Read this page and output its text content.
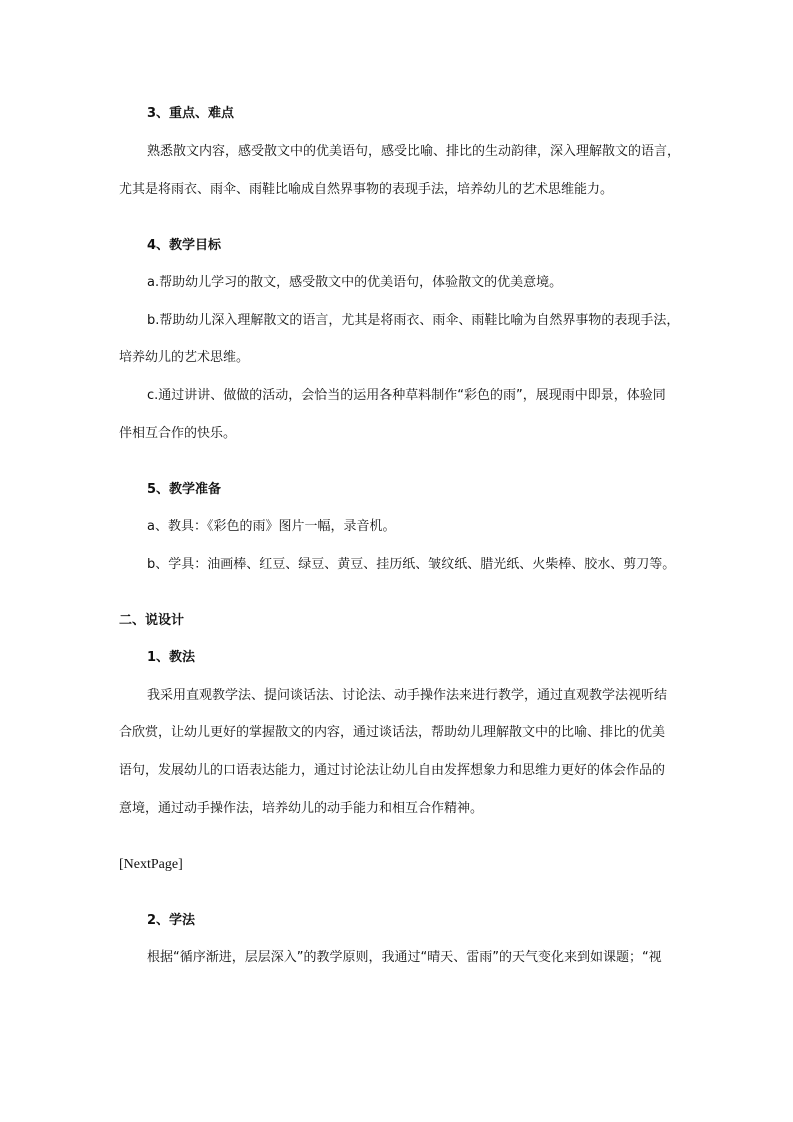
3、重点、难点
熟悉散文内容，感受散文中的优美语句，感受比喻、排比的生动韵律，深入理解散文的语言，
尤其是将雨衣、雨伞、雨鞋比喻成自然界事物的表现手法，培养幼儿的艺术思维能力。
4、教学目标
a.帮助幼儿学习的散文，感受散文中的优美语句，体验散文的优美意境。
b.帮助幼儿深入理解散文的语言，尤其是将雨衣、雨伞、雨鞋比喻为自然界事物的表现手法，
培养幼儿的艺术思维。
c.通过讲讲、做做的活动，会恰当的运用各种草料制作“彩色的雨”，展现雨中即景，体验同
伴相互合作的快乐。
5、教学准备
a、教具：《彩色的雨》图片一幅，录音机。
b、学具：油画棒、红豆、绿豆、黄豆、挂历纸、皱纹纸、腊光纸、火柴棒、胶水、剪刀等。
二、说设计
1、教法
我采用直观教学法、提问谈话法、讨论法、动手操作法来进行教学，通过直观教学法视听结
合欣赏，让幼儿更好的掌握散文的内容，通过谈话法，帮助幼儿理解散文中的比喻、排比的优美
语句，发展幼儿的口语表达能力，通过讨论法让幼儿自由发挥想象力和思维力更好的体会作品的
意境，通过动手操作法，培养幼儿的动手能力和相互合作精神。
[NextPage]
2、学法
根据“循序渐进，层层深入”的教学原则，我通过“晴天、雷雨”的天气变化来到如课题；“视
